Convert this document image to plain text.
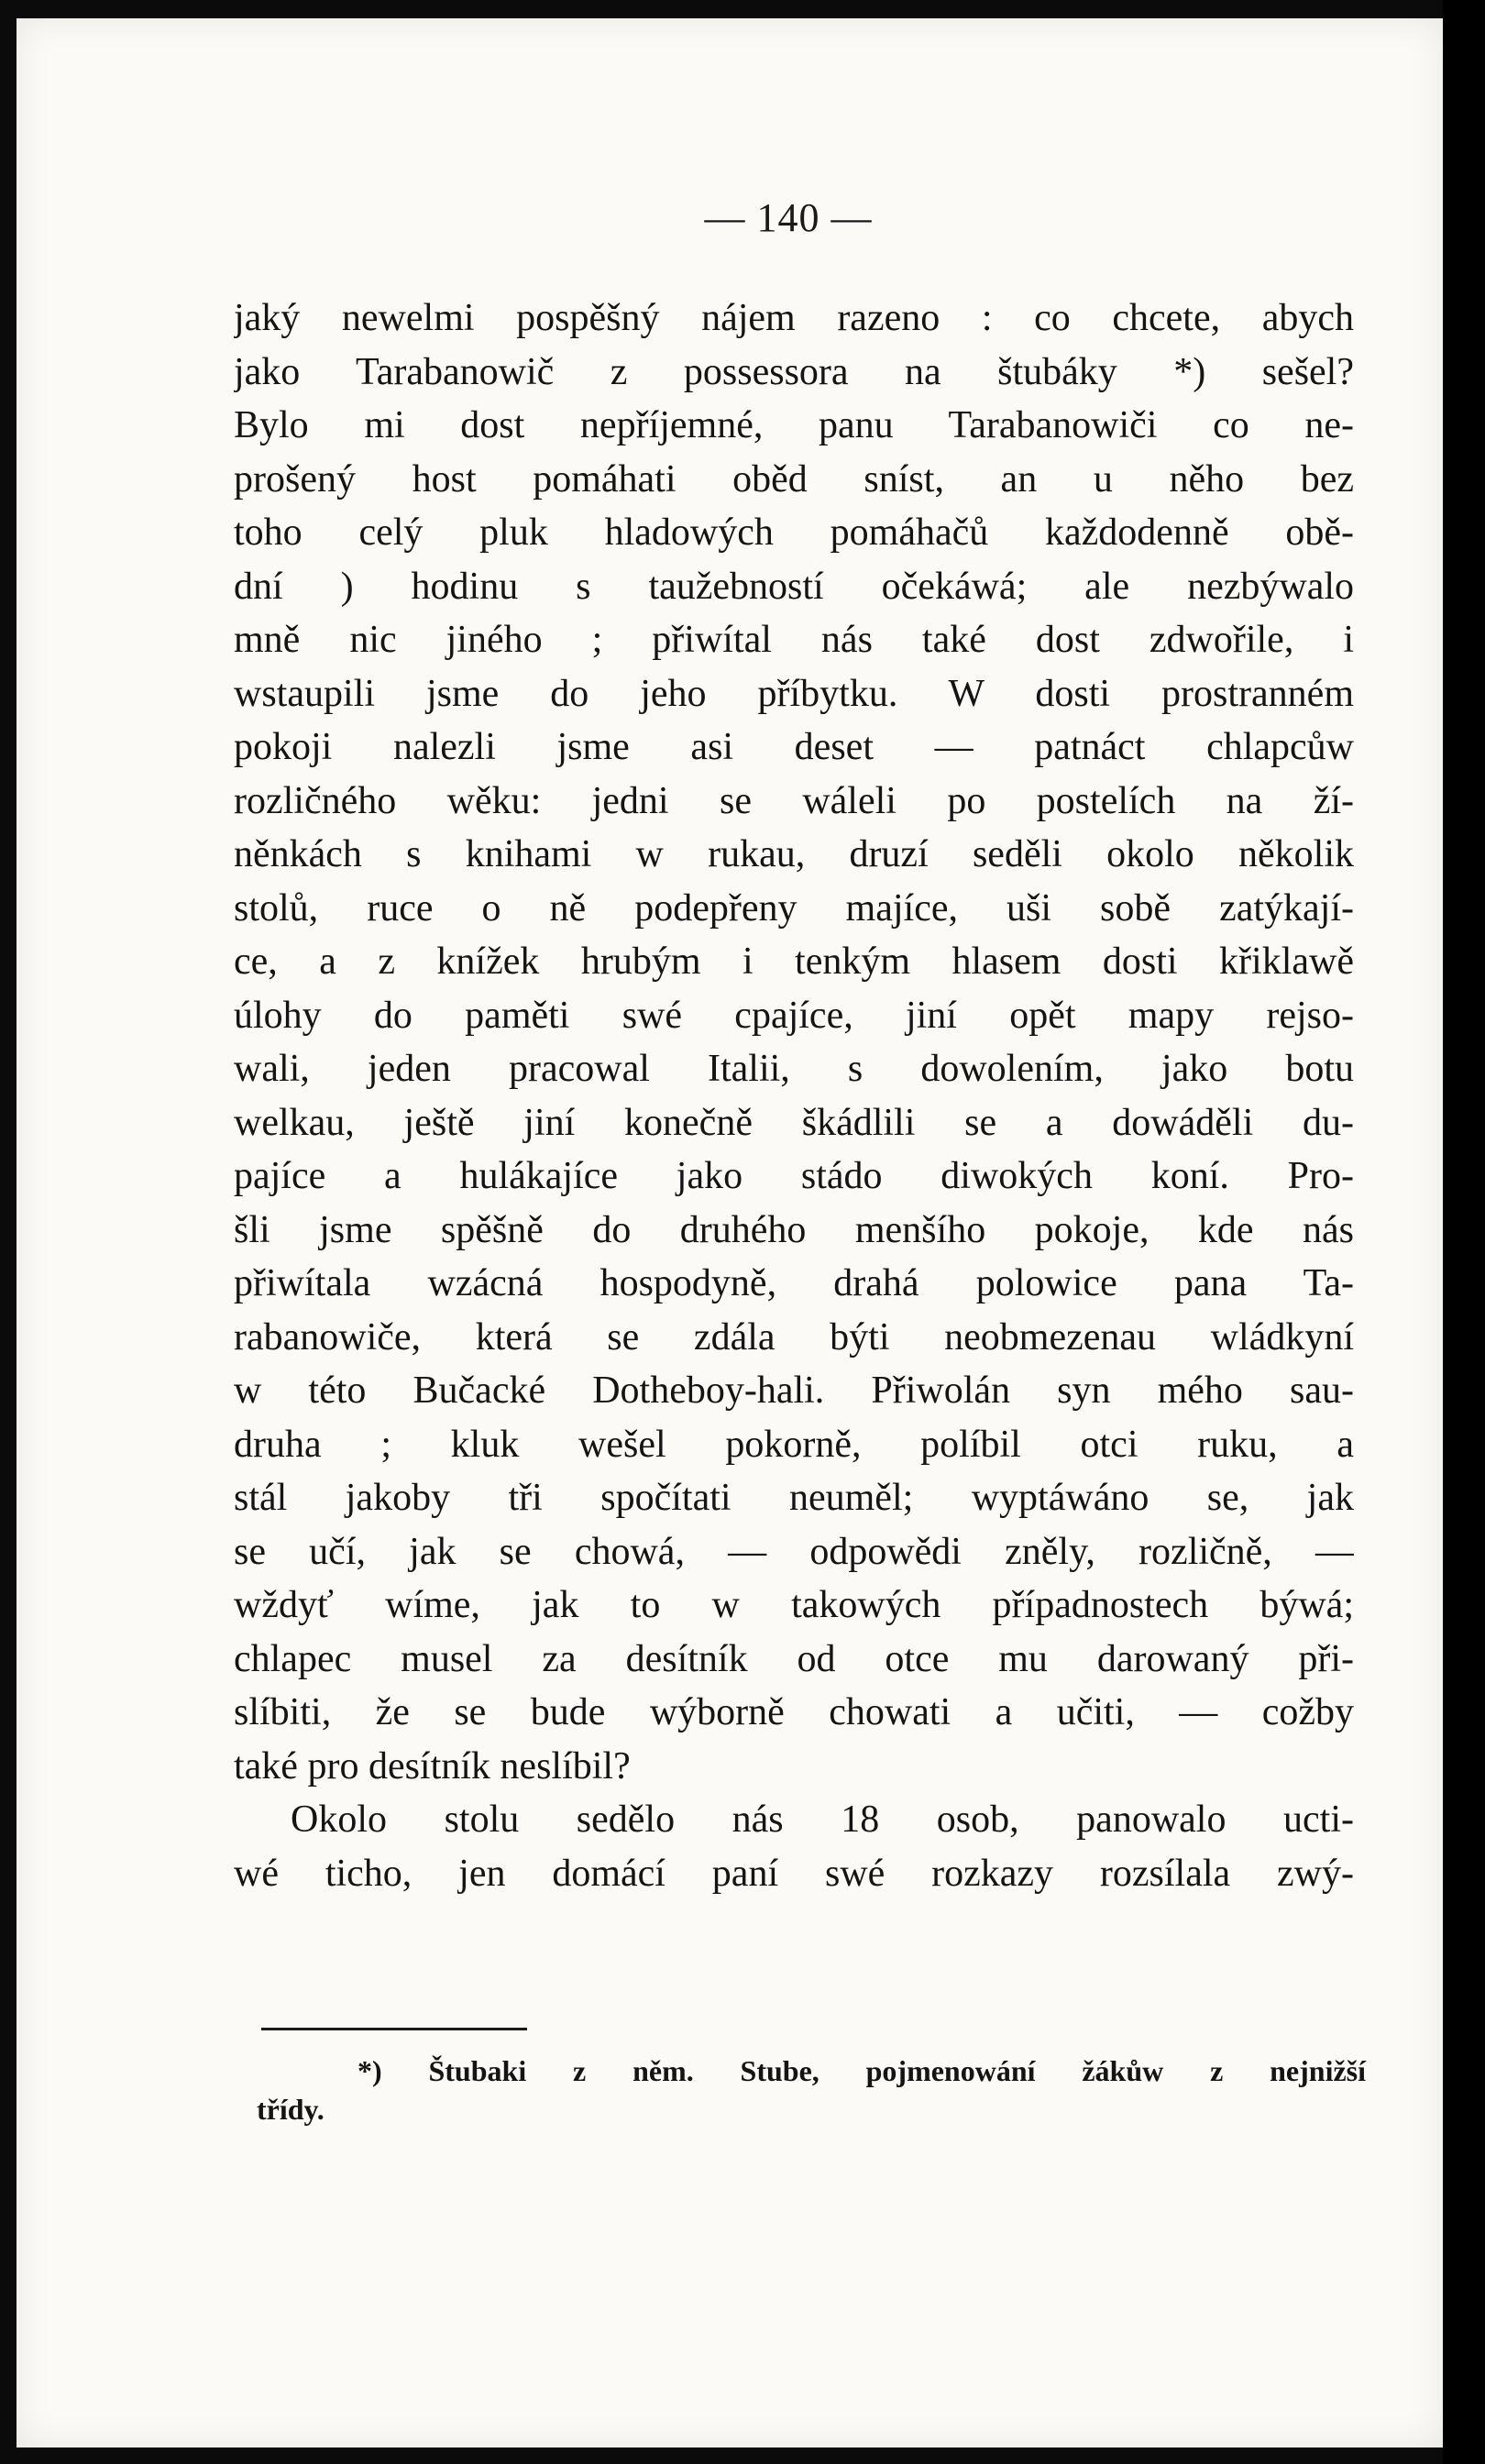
— 140 —
jaký newelmi pospěšný nájem razeno : co chcete, abych
jako Tarabanowič z possessora na štubáky *) sešel?
Bylo mi dost nepříjemné, panu Tarabanowiči co ne-
prošený host pomáhati oběd sníst, an u něho bez
toho celý pluk hladowých pomáhačů každodenně obě-
dní ) hodinu s taužebností očekáwá; ale nezbýwalo
mně nic jiného ; přiwítal nás také dost zdwořile, i
wstaupili jsme do jeho příbytku. W dosti prostranném
pokoji nalezli jsme asi deset — patnáct chlapcůw
rozličného wěku: jedni se wáleli po postelích na ží-
něnkách s knihami w rukau, druzí seděli okolo několik
stolů, ruce o ně podepřeny majíce, uši sobě zatýkají-
ce, a z knížek hrubým i tenkým hlasem dosti křiklawě
úlohy do paměti swé cpajíce, jiní opět mapy rejso-
wali, jeden pracowal Italii, s dowolením, jako botu
welkau, ještě jiní konečně škádlili se a dowáděli du-
pajíce a hulákajíce jako stádo diwokých koní. Pro-
šli jsme spěšně do druhého menšího pokoje, kde nás
přiwítala wzácná hospodyně, drahá polowice pana Ta-
rabanowiče, která se zdála býti neobmezenau wládkyní
w této Bučacké Dotheboy-hali. Přiwolán syn mého sau-
druha ; kluk wešel pokorně, políbil otci ruku, a
stál jakoby tři spočítati neuměl; wyptáwáno se, jak
se učí, jak se chowá, — odpowědi zněly, rozličně, —
wždyť wíme, jak to w takowých případnostech býwá;
chlapec musel za desítník od otce mu darowaný při-
slíbiti, že se bude wýborně chowati a učiti, — cožby
také pro desítník neslíbil?
Okolo stolu sedělo nás 18 osob, panowalo ucti-
wé ticho, jen domácí paní swé rozkazy rozsílala zwý-
*) Štubaki z něm. Stube, pojmenowání žákůw z nejnižší
třídy.
